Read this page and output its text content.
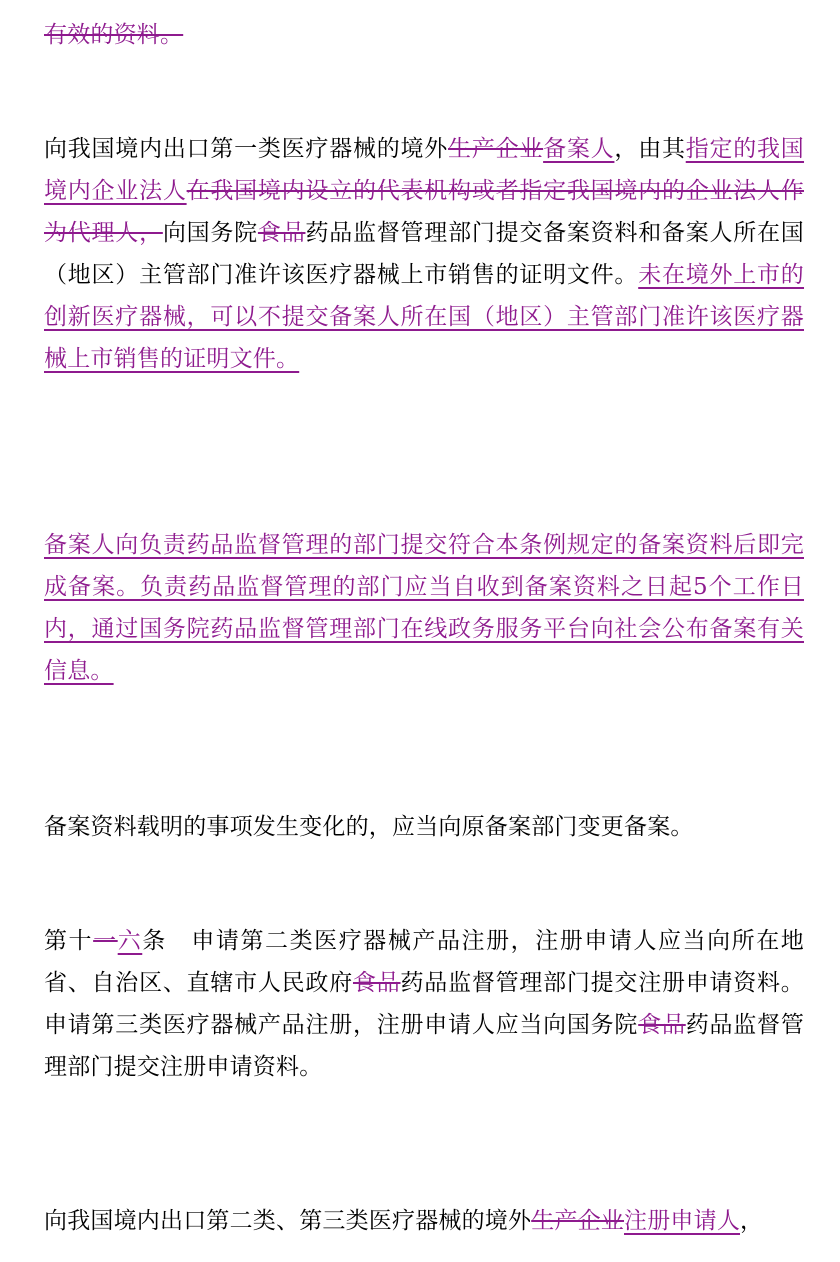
有效的资料。

向我国境内出口第一类医疗器械的境外生产企业备案人，由其指定的我国境内企业法人在我国境内设立的代表机构或者指定我国境内的企业法人作为代理人，向国务院食品药品监督管理部门提交备案资料和备案人所在国（地区）主管部门准许该医疗器械上市销售的证明文件。未在境外上市的创新医疗器械，可以不提交备案人所在国（地区）主管部门准许该医疗器械上市销售的证明文件。

备案人向负责药品监督管理的部门提交符合本条例规定的备案资料后即完成备案。负责药品监督管理的部门应当自收到备案资料之日起5个工作日内，通过国务院药品监督管理部门在线政务服务平台向社会公布备案有关信息。

备案资料载明的事项发生变化的，应当向原备案部门变更备案。

第十一六条　申请第二类医疗器械产品注册，注册申请人应当向所在地省、自治区、直辖市人民政府食品药品监督管理部门提交注册申请资料。申请第三类医疗器械产品注册，注册申请人应当向国务院食品药品监督管理部门提交注册申请资料。

向我国境内出口第二类、第三类医疗器械的境外生产企业注册申请人，
